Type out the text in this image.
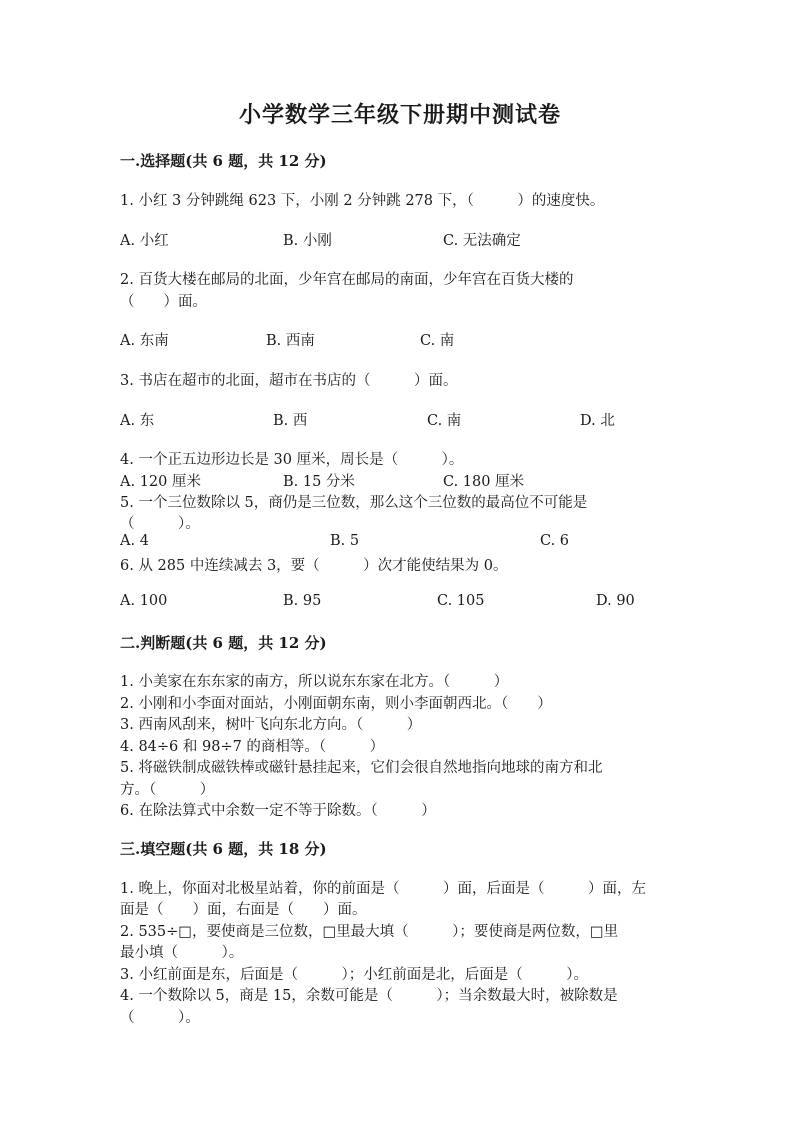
小学数学三年级下册期中测试卷
一.选择题(共 6 题，共 12 分)
1. 小红 3 分钟跳绳 623 下，小刚 2 分钟跳 278 下，（　　　）的速度快。
A. 小红	B. 小刚	C. 无法确定
2. 百货大楼在邮局的北面，少年宫在邮局的南面，少年宫在百货大楼的
（　　）面。
A. 东南	B. 西南	C. 南
3. 书店在超市的北面，超市在书店的（　　　）面。
A. 东	B. 西	C. 南	D. 北
4. 一个正五边形边长是 30 厘米，周长是（　　　）。
A. 120 厘米	B. 15 分米	C. 180 厘米
5. 一个三位数除以 5，商仍是三位数，那么这个三位数的最高位不可能是
（　　　）。
A. 4	B. 5	C. 6
6. 从 285 中连续减去 3，要（　　　）次才能使结果为 0。
A. 100	B. 95	C. 105	D. 90
二.判断题(共 6 题，共 12 分)
1. 小美家在东东家的南方，所以说东东家在北方。（　　　）
2. 小刚和小李面对面站，小刚面朝东南，则小李面朝西北。（　　）
3. 西南风刮来，树叶飞向东北方向。（　　　）
4. 84÷6 和 98÷7 的商相等。（　　　）
5. 将磁铁制成磁铁棒或磁针悬挂起来，它们会很自然地指向地球的南方和北
方。（　　　）
6. 在除法算式中余数一定不等于除数。（　　　）
三.填空题(共 6 题，共 18 分)
1. 晚上，你面对北极星站着，你的前面是（　　　）面，后面是（　　　）面，左
面是（　　）面，右面是（　　）面。
2. 535÷□，要使商是三位数，□里最大填（　　　）；要使商是两位数，□里
最小填（　　　）。
3. 小红前面是东，后面是（　　　）；小红前面是北，后面是（　　　）。
4. 一个数除以 5，商是 15，余数可能是（　　　）；当余数最大时，被除数是
（　　　）。
